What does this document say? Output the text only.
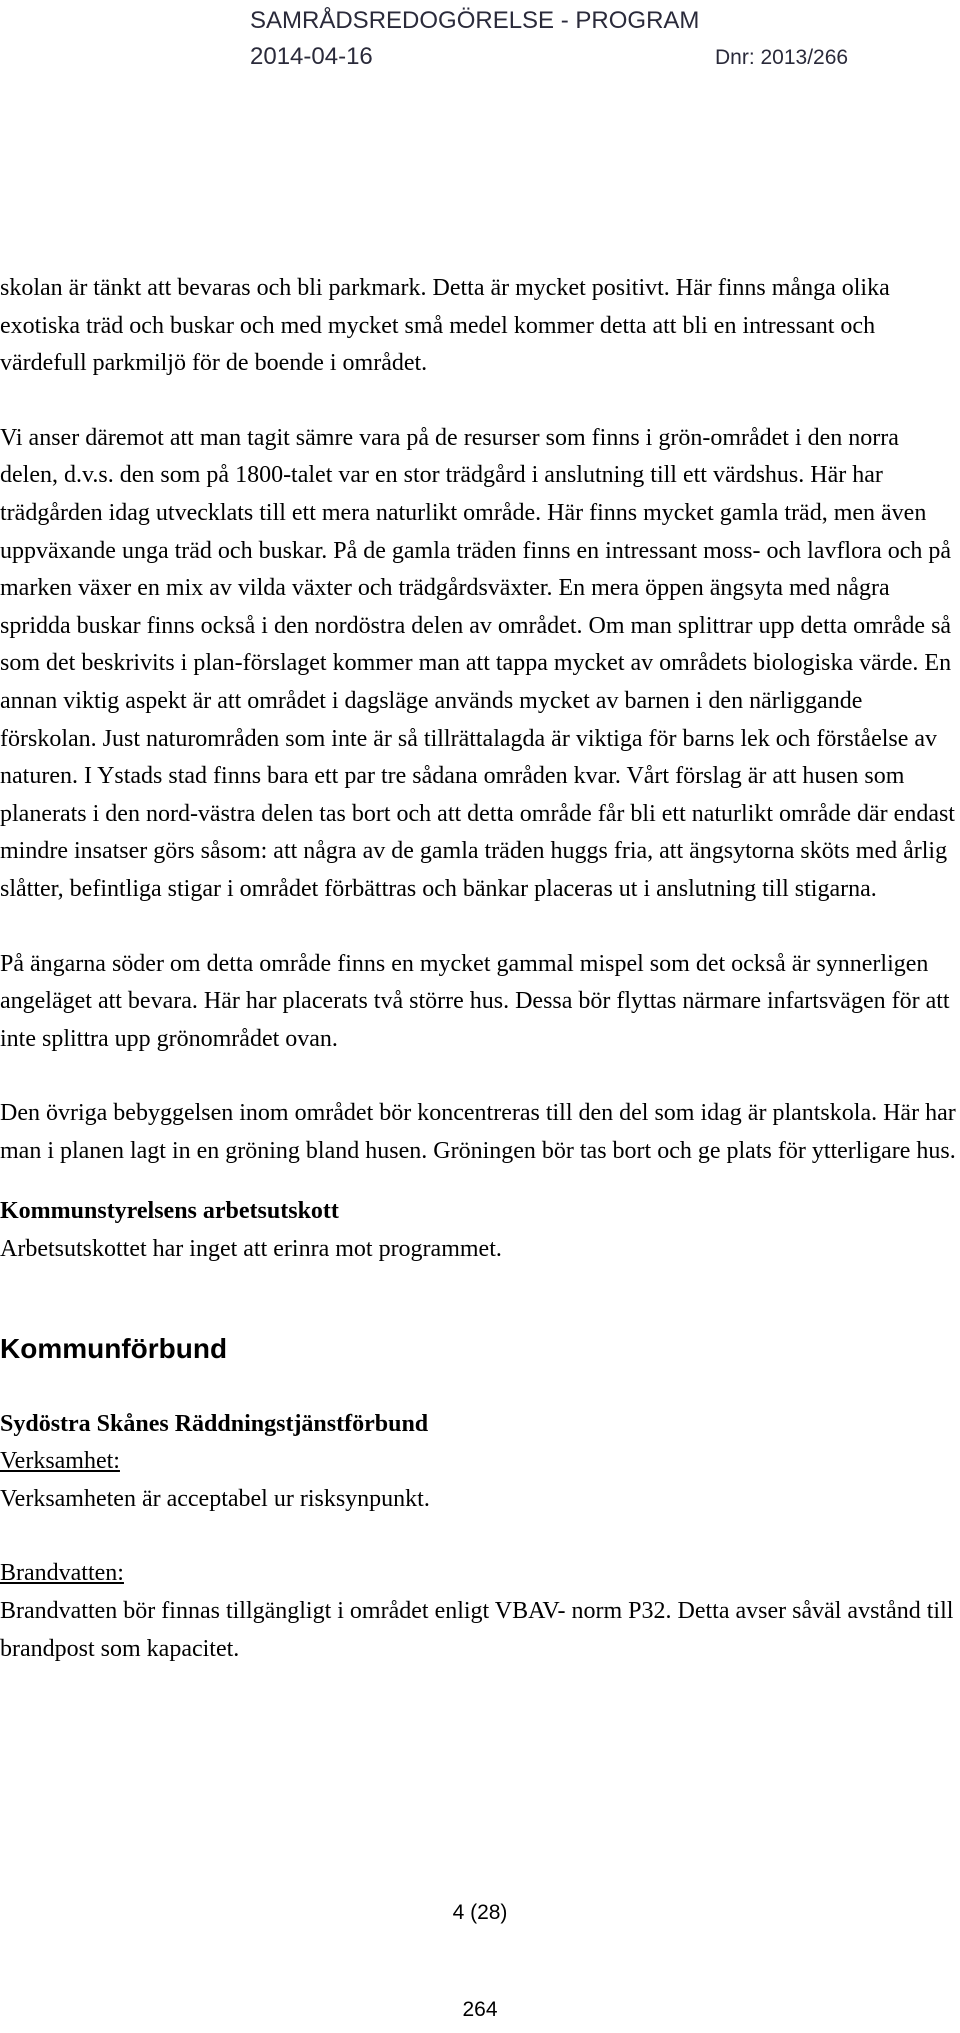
SAMRÅDSREDOGÖRELSE - PROGRAM
2014-04-16	Dnr: 2013/266

skolan är tänkt att bevaras och bli parkmark. Detta är mycket positivt. Här finns många olika exotiska träd och buskar och med mycket små medel kommer detta att bli en intressant och värdefull parkmiljö för de boende i området.

Vi anser däremot att man tagit sämre vara på de resurser som finns i grön-området i den norra delen, d.v.s. den som på 1800-talet var en stor trädgård i anslutning till ett värdshus. Här har trädgården idag utvecklats till ett mera naturlikt område. Här finns mycket gamla träd, men även uppväxande unga träd och buskar. På de gamla träden finns en intressant moss- och lavflora och på marken växer en mix av vilda växter och trädgårdsväxter. En mera öppen ängsyta med några spridda buskar finns också i den nordöstra delen av området. Om man splittrar upp detta område så som det beskrivits i plan-förslaget kommer man att tappa mycket av områdets biologiska värde. En annan viktig aspekt är att området i dagsläge används mycket av barnen i den närliggande förskolan. Just naturområden som inte är så tillrättalagda är viktiga för barns lek och förståelse av naturen. I Ystads stad finns bara ett par tre sådana områden kvar. Vårt förslag är att husen som planerats i den nord-västra delen tas bort och att detta område får bli ett naturlikt område där endast mindre insatser görs såsom: att några av de gamla träden huggs fria, att ängsytorna sköts med årlig slåtter, befintliga stigar i området förbättras och bänkar placeras ut i anslutning till stigarna.

På ängarna söder om detta område finns en mycket gammal mispel som det också är synnerligen angeläget att bevara. Här har placerats två större hus. Dessa bör flyttas närmare infartsvägen för att inte splittra upp grönområdet ovan.

Den övriga bebyggelsen inom området bör koncentreras till den del som idag är plantskola. Här har man i planen lagt in en gröning bland husen. Gröningen bör tas bort och ge plats för ytterligare hus.

Kommunstyrelsens arbetsutskott

Arbetsutskottet har inget att erinra mot programmet.

Kommunförbund

Sydöstra Skånes Räddningstjänstförbund

Verksamhet:

Verksamheten är acceptabel ur risksynpunkt.

Brandvatten:

Brandvatten bör finnas tillgängligt i området enligt VBAV- norm P32. Detta avser såväl avstånd till brandpost som kapacitet.

4 (28)
264
